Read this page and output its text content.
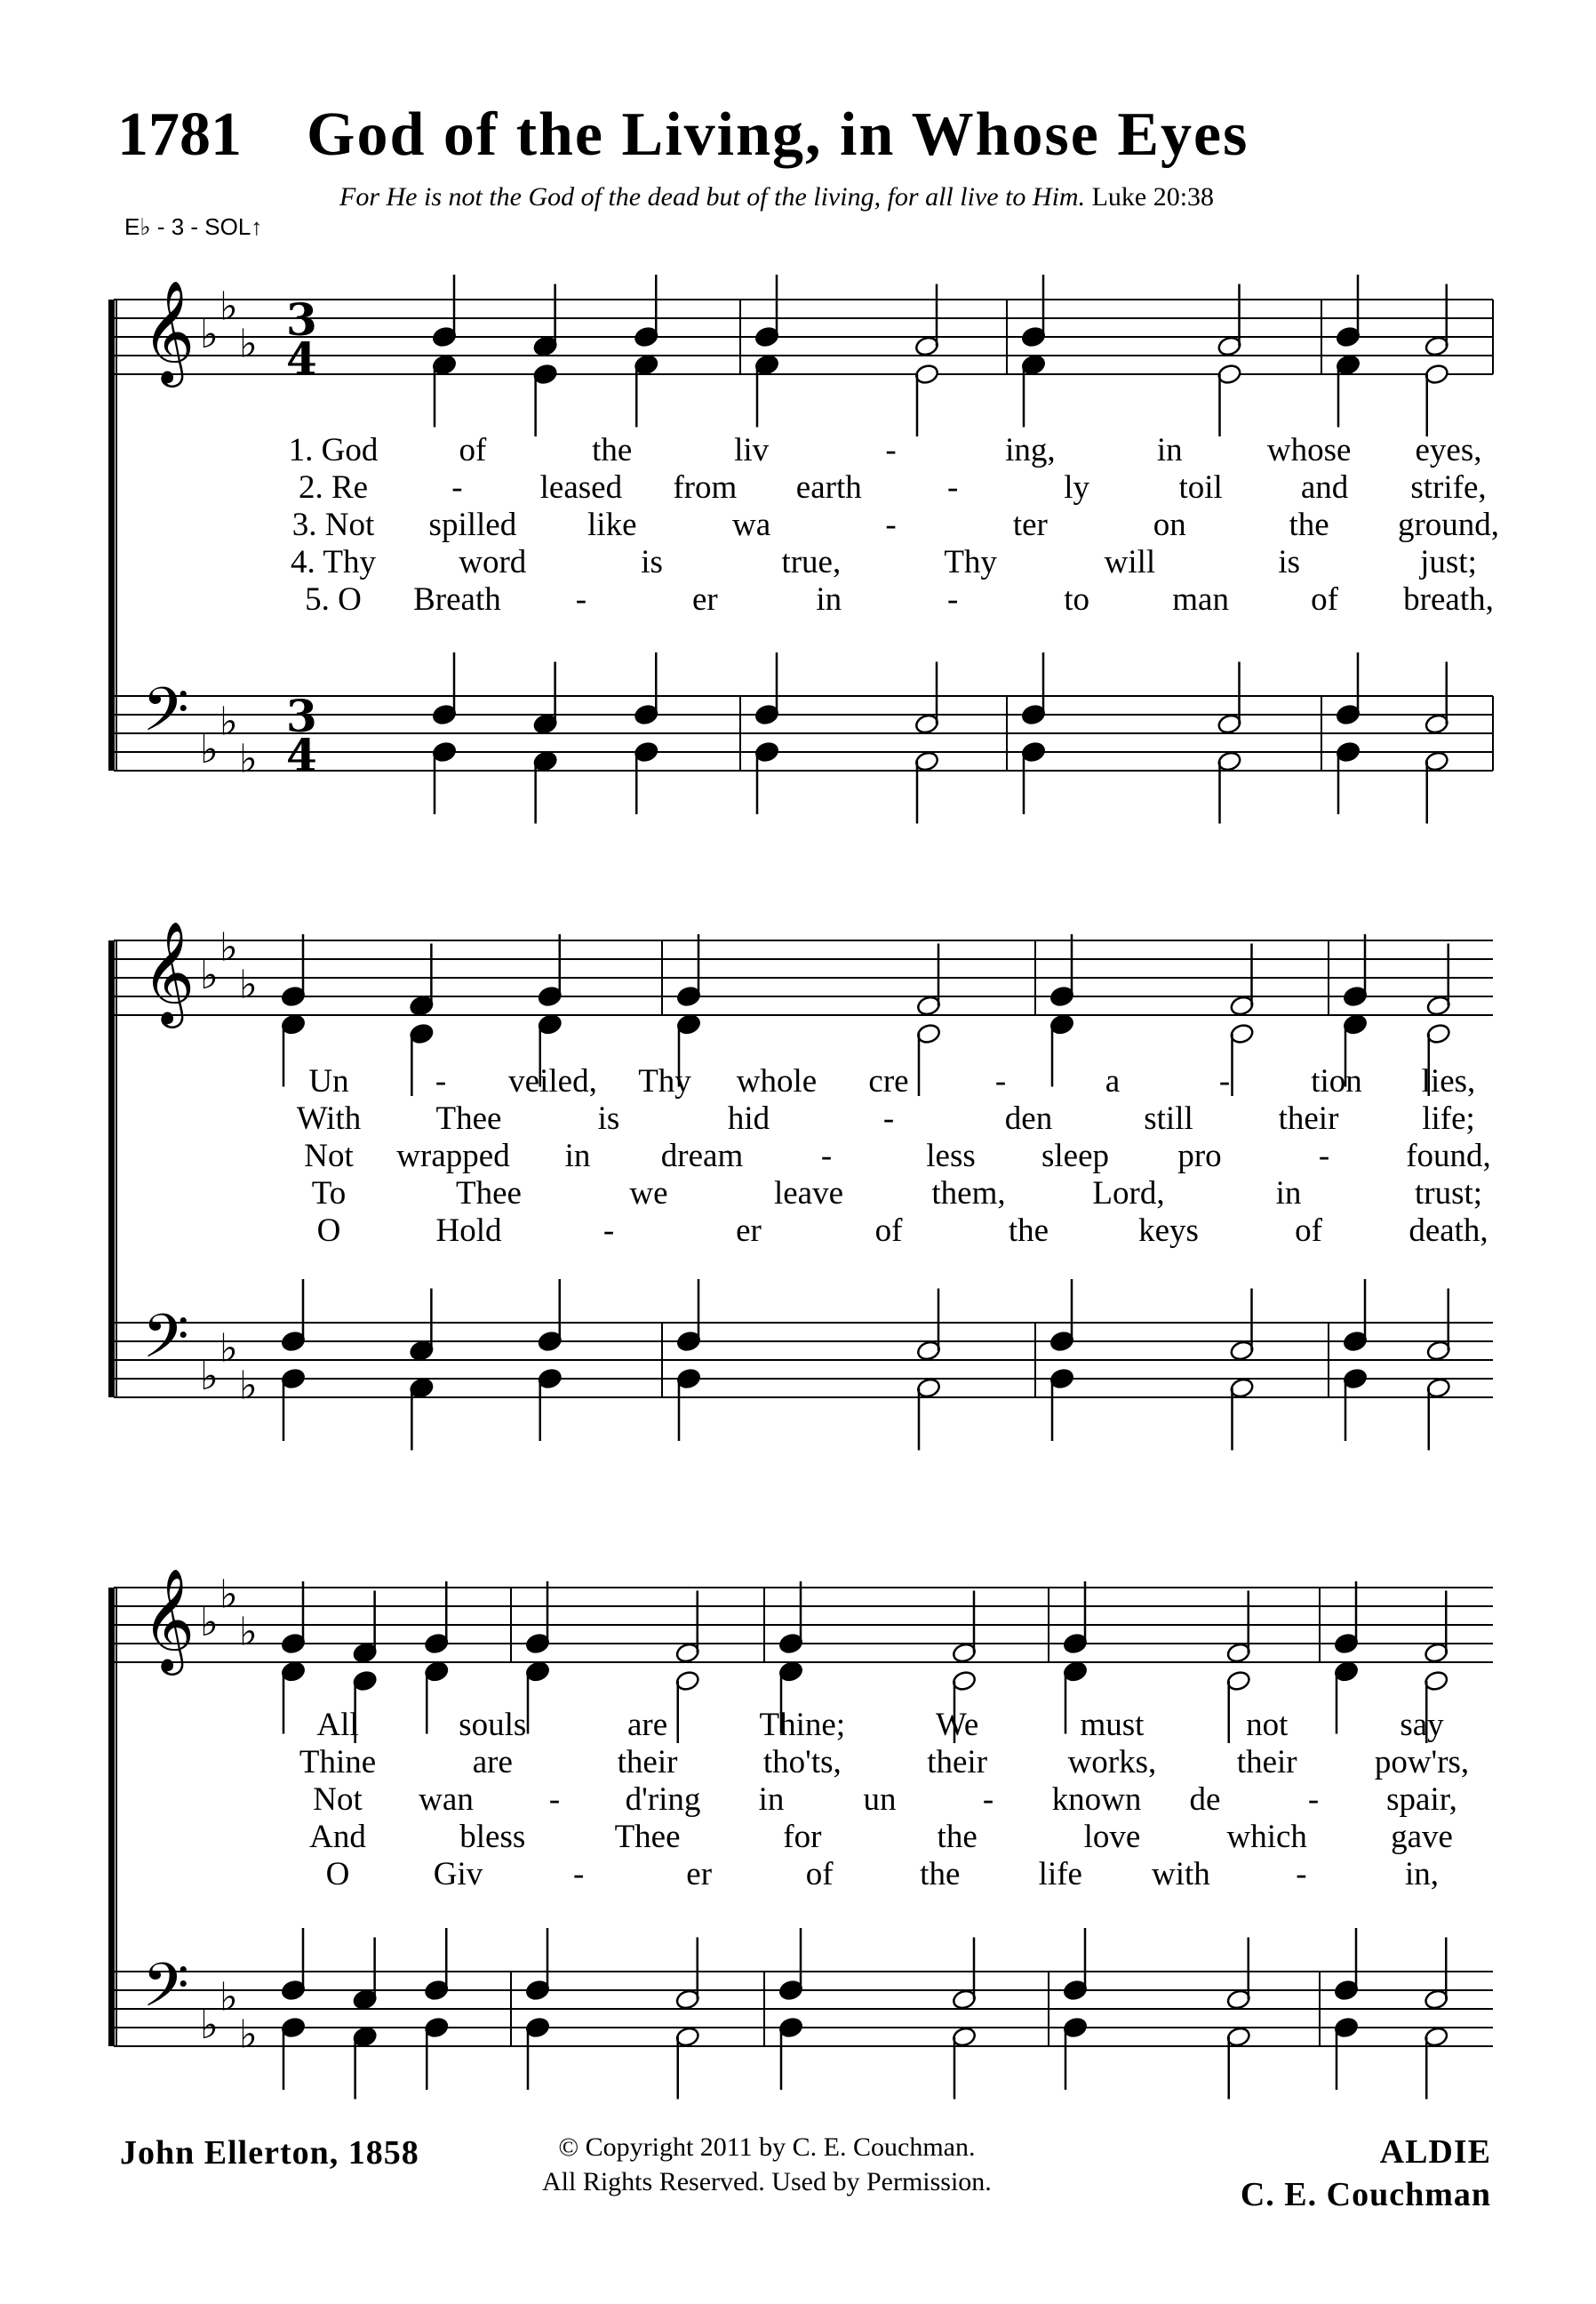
1781 God of the Living, in Whose Eyes
For He is not the God of the dead but of the living, for all live to Him. Luke 20:38
E♭ - 3 - SOL↑
𝄞
𝄢
♭
♭
♭
♭
♭
♭
3
4
3
4
𝄞
𝄢
♭
♭
♭
♭
♭
♭
𝄞
𝄢
♭
♭
♭
♭
♭
♭
1. God of	the	liv	-	ing,	in	whose eyes,
2. Re	- leased from earth	-	ly	toil and strife,
3. Not spilled like	wa	-	ter	on	the ground,
4. Thy	word	is	true,	Thy	will	is	just;
5. O Breath -	er	in	-	to	man of breath,
Un	- veiled, Thy whole cre	-	a	- tion lies,
With Thee	is	hid	-	den	still	their	life;
Not wrapped in dream -	less sleep pro	- found,
To	Thee	we	leave	them,	Lord,	in	trust;
O	Hold	-	er	of	the	keys	of	death,
All	souls	are	Thine;	We	must	not	say
Thine	are	their	tho'ts,	their works, their pow'rs,
Not wan - d'ring in un	- known de	- spair,
And	bless	Thee	for	the	love	which	gave
O	Giv	-	er	of	the life with	-	in,
John Ellerton, 1858	© Copyright 2011 by C. E. Couchman.
All Rights Reserved. Used by Permission.
ALDIE
C. E. Couchman
